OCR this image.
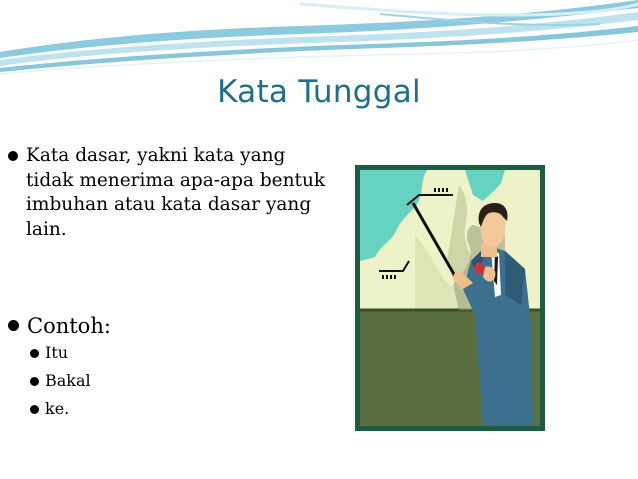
Kata Tunggal
Kata dasar, yakni kata yang tidak menerima apa-apa bentuk imbuhan atau kata dasar yang lain.
Contoh:
Itu
Bakal
ke.
